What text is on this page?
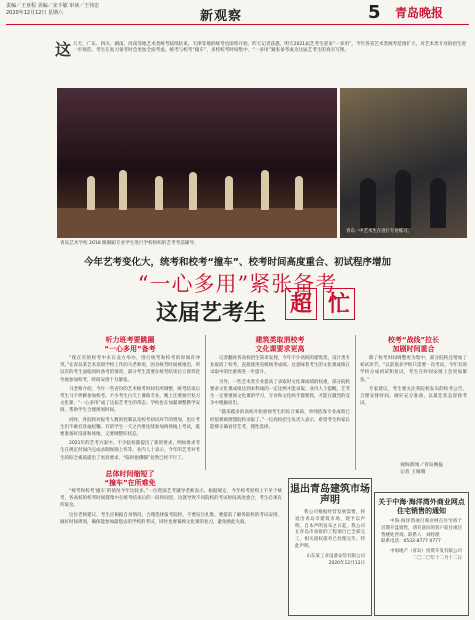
责编／王亚程 美编／宋丰敏 审读／王伟宏
2020年12月12日 星期六	新观察	5 青岛晚报
这 几天，广东、四川、湖南、河南等地艺术类统考陆续结束，天津等地的统考也即将开始。昨天记者获悉，明天2021届艺考生迎来“一多用”。今年各省艺术类统考范围扩大，对艺术类专业的招生进一步规范，考生在复习备考时会更加全面考虑。统考与校考“撞车”，多校校考时间集中，“一多用”紧张备考成为这届艺考生的真实写照。
青岛一中艺术生在进行专业练习。
青岛艺术学校 2018 级舞蹈专业学生进行学校组织的艺考考前辅导。
今年艺考变化大，统考和校考“撞车”、校考时间高度重合、初试程序增加
“一心多用”紧张备考
这届艺考生 超 忙
听力班考要跳圈
“一心多用”备考

“现在有的校考中未在北方举办，进行统考和校考的时间有冲突。”在青岛某艺术培训学校工作的马老师说，因为统考时间被推迟，所以有的考生面临同时备考的情况，部分考生需要在统考结束后立即奔赴外地参加校考，时间安排十分紧张。

马老师介绍，今年一些省份的艺术统考时间有所调整，统考结束后考生马不停蹄参加校考。不少考生白天上课练专业，晚上还要抽空复习文化课，“一心多用”成了这届艺考生的常态。学校也在加紧调整教学安排，帮助学生合理规划时间。

同时，各院校对报考人数的控制以及校考初试环节的增加，也让考生们不敢有丝毫松懈。有的学生一天之内要连续参加两场线上考试，既要准备好设备和场地，又要调整好状态。

2021年的艺考方案中，不少院校都提出了新的要求，例如要求考生在规定时间内完成录制视频上传等。业内人士表示，今年的艺考对考生的综合素质提出了更高要求，“临时抱佛脚”显然已经不行了。

总体时间缩短了
“撞车”在所难免

“统考和校考‘撞车’的情况今年比较多。”一位资深艺考辅导老师表示，根据规定，今年校考原则上不早于统考，各高校的校考时间都集中在统考结束后的一段时间里，这就导致不同院校的考试时间高度重合，考生必须有所取舍。

这位老师建议，考生应根据自身情况，合理选择报考院校，不要盲目扎堆。要提前了解各院校的考试安排，做好时间规划，确保能参加最想去的学校的考试，同时也要兼顾文化课的复习，避免顾此失彼。

建筑类取消校考
文化课要求更高

记者翻看各高校招生简章发现，今年不少高校的建筑类、设计类专业取消了校考，直接使用省级统考成绩。这意味着考生的文化课成绩在录取中的比重将进一步提升。

另外，一些艺术类专业提高了录取时文化课成绩的权重，部分院校要求文化课成绩达到本科线的一定比例才能录取。业内人士提醒，艺考生一定要重视文化课的学习，专业和文化两手都要抓，才能在激烈的竞争中脱颖而出。

“越来越多的高校开始重视考生的综合素质，单纯依靠专业成绩已经很难被理想院校录取了。”一位高校招生负责人表示，希望考生和家长能够正确看待艺考，理性选择。

校考“战线”拉长
加剧时间重合

除了校考时间调整更为集中，部分院校还增加了初试环节。“以前很多学校只需要一次考试，今年有的学校分成初试和复试，考生在时间安排上会更加紧张。”

专家建议，考生要关注各院校发布的校考公告，合理安排时间，做好充分准备，以最佳状态迎接考试。

观海新闻／青岛晚报
记者 王晴晴
退出青岛建筑市场声明

我公司根据经营发展需要，将退出青岛市建筑市场，现予以声明。自本声明发布之日起，我公司在青岛市承接的工程项目已全部完工，相关债权债务已处理完毕。特此声明。

山东某工业设备安装有限公司
2020年12月12日
关于中海·海洋湾外商业网点住宅销售的通知

中海·海洋湾项目商业网点住宅将于近期开盘销售，请有意向的客户前往项目售楼处咨询。联系人：刘经理

联系电话：0532-8777 0777
中海地产（青岛）投资开发有限公司
二〇二〇年十二月十二日
